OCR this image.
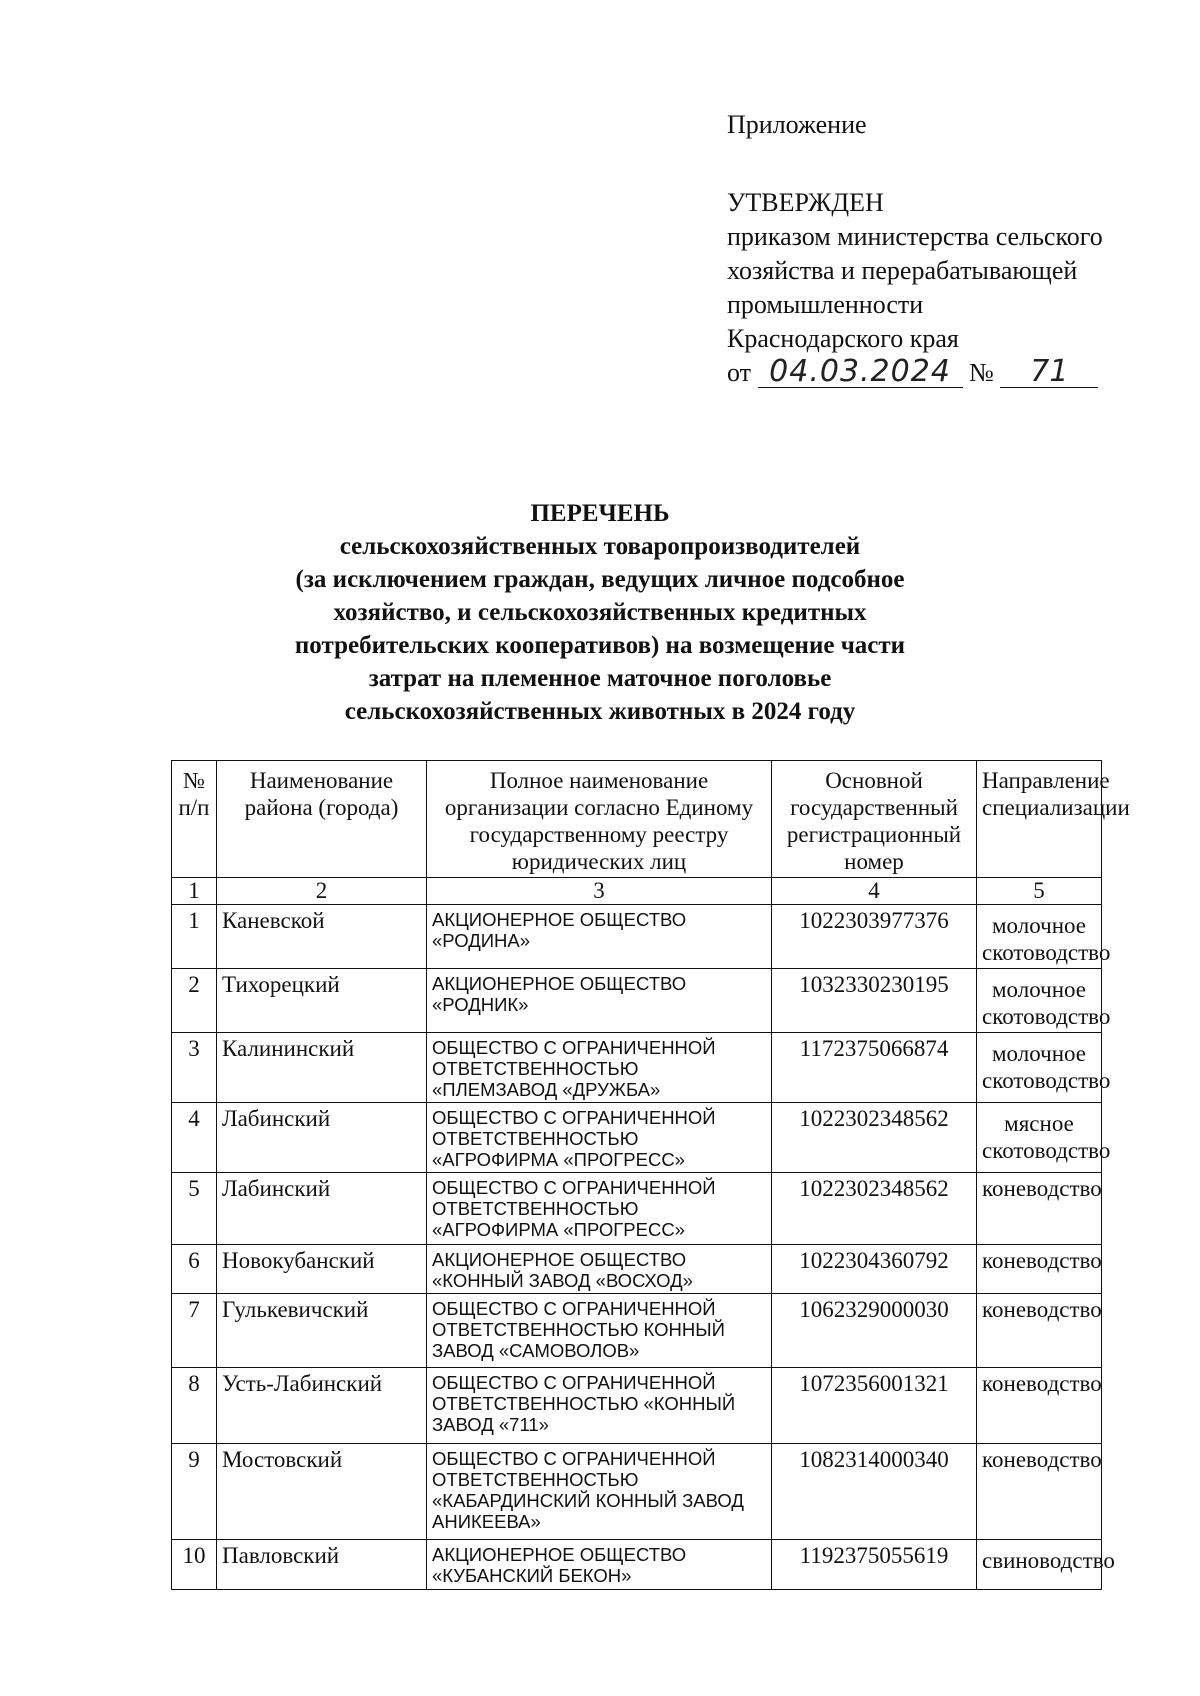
Приложение
УТВЕРЖДЕН
приказом министерства сельского
хозяйства и перерабатывающей
промышленности
Краснодарского края
от 04.03.2024 № 71
ПЕРЕЧЕНЬ
сельскохозяйственных товаропроизводителей
(за исключением граждан, ведущих личное подсобное
хозяйство, и сельскохозяйственных кредитных
потребительских кооперативов) на возмещение части
затрат на племенное маточное поголовье
сельскохозяйственных животных в 2024 году
№ п/п	Наименование района (города)	Полное наименование организации согласно Единому государственному реестру юридических лиц	Основной государственный регистрационный номер	Направление специализации
1	2	3	4	5
1	Каневской	АКЦИОНЕРНОЕ ОБЩЕСТВО «РОДИНА»	1022303977376	молочное скотоводство
2	Тихорецкий	АКЦИОНЕРНОЕ ОБЩЕСТВО «РОДНИК»	1032330230195	молочное скотоводство
3	Калининский	ОБЩЕСТВО С ОГРАНИЧЕННОЙ ОТВЕТСТВЕННОСТЬЮ «ПЛЕМЗАВОД «ДРУЖБА»	1172375066874	молочное скотоводство
4	Лабинский	ОБЩЕСТВО С ОГРАНИЧЕННОЙ ОТВЕТСТВЕННОСТЬЮ «АГРОФИРМА «ПРОГРЕСС»	1022302348562	мясное скотоводство
5	Лабинский	ОБЩЕСТВО С ОГРАНИЧЕННОЙ ОТВЕТСТВЕННОСТЬЮ «АГРОФИРМА «ПРОГРЕСС»	1022302348562	коневодство
6	Новокубанский	АКЦИОНЕРНОЕ ОБЩЕСТВО «КОННЫЙ ЗАВОД «ВОСХОД»	1022304360792	коневодство
7	Гулькевичский	ОБЩЕСТВО С ОГРАНИЧЕННОЙ ОТВЕТСТВЕННОСТЬЮ КОННЫЙ ЗАВОД «САМОВОЛОВ»	1062329000030	коневодство
8	Усть-Лабинский	ОБЩЕСТВО С ОГРАНИЧЕННОЙ ОТВЕТСТВЕННОСТЬЮ «КОННЫЙ ЗАВОД «711»	1072356001321	коневодство
9	Мостовский	ОБЩЕСТВО С ОГРАНИЧЕННОЙ ОТВЕТСТВЕННОСТЬЮ «КАБАРДИНСКИЙ КОННЫЙ ЗАВОД АНИКЕЕВА»	1082314000340	коневодство
10	Павловский	АКЦИОНЕРНОЕ ОБЩЕСТВО «КУБАНСКИЙ БЕКОН»	1192375055619	свиноводство
